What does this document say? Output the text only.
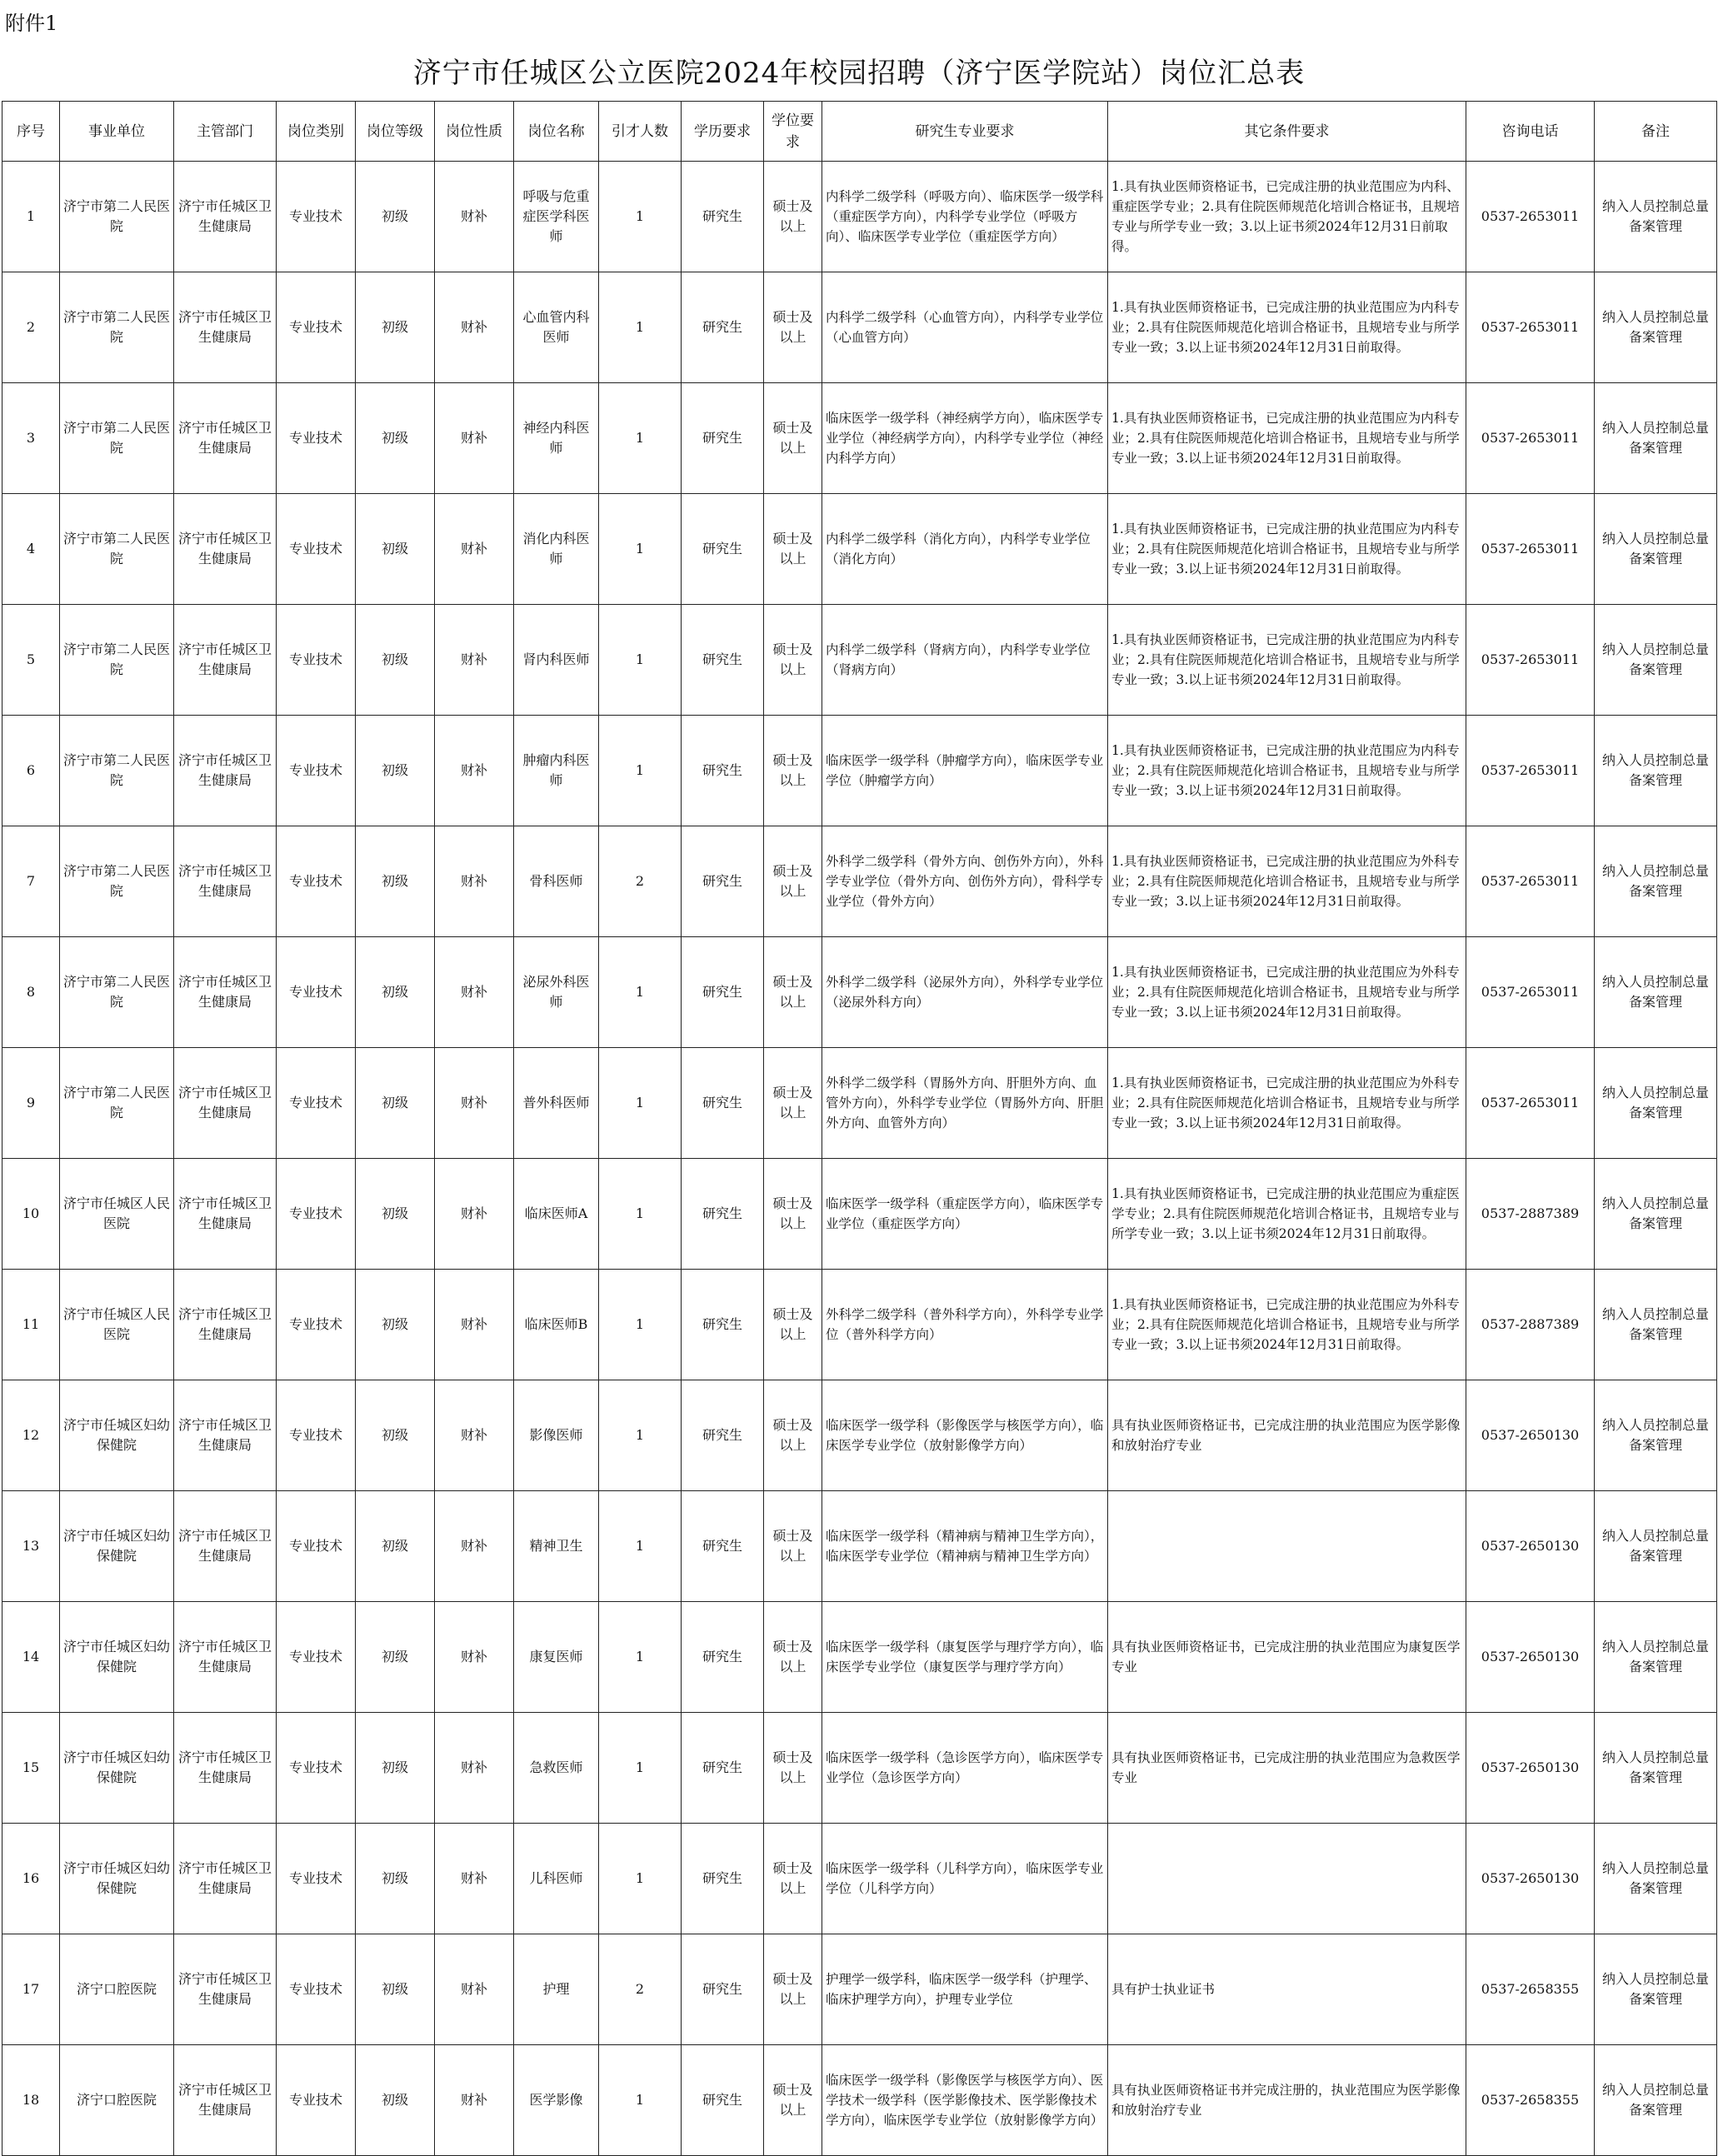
附件1
济宁市任城区公立医院2024年校园招聘（济宁医学院站）岗位汇总表
序号	事业单位	主管部门	岗位类别	岗位等级	岗位性质	岗位名称	引才人数	学历要求	学位要求	研究生专业要求	其它条件要求	咨询电话	备注
1	济宁市第二人民医院	济宁市任城区卫生健康局	专业技术	初级	财补	呼吸与危重症医学科医师	1	研究生	硕士及以上	内科学二级学科（呼吸方向）、临床医学一级学科（重症医学方向），内科学专业学位（呼吸方向）、临床医学专业学位（重症医学方向）	1.具有执业医师资格证书，已完成注册的执业范围应为内科、重症医学专业；2.具有住院医师规范化培训合格证书，且规培专业与所学专业一致；3.以上证书须2024年12月31日前取得。	0537-2653011	纳入人员控制总量备案管理
2	济宁市第二人民医院	济宁市任城区卫生健康局	专业技术	初级	财补	心血管内科医师	1	研究生	硕士及以上	内科学二级学科（心血管方向），内科学专业学位（心血管方向）	1.具有执业医师资格证书，已完成注册的执业范围应为内科专业；2.具有住院医师规范化培训合格证书，且规培专业与所学专业一致；3.以上证书须2024年12月31日前取得。	0537-2653011	纳入人员控制总量备案管理
3	济宁市第二人民医院	济宁市任城区卫生健康局	专业技术	初级	财补	神经内科医师	1	研究生	硕士及以上	临床医学一级学科（神经病学方向），临床医学专业学位（神经病学方向），内科学专业学位（神经内科学方向）	1.具有执业医师资格证书，已完成注册的执业范围应为内科专业；2.具有住院医师规范化培训合格证书，且规培专业与所学专业一致；3.以上证书须2024年12月31日前取得。	0537-2653011	纳入人员控制总量备案管理
4	济宁市第二人民医院	济宁市任城区卫生健康局	专业技术	初级	财补	消化内科医师	1	研究生	硕士及以上	内科学二级学科（消化方向），内科学专业学位（消化方向）	1.具有执业医师资格证书，已完成注册的执业范围应为内科专业；2.具有住院医师规范化培训合格证书，且规培专业与所学专业一致；3.以上证书须2024年12月31日前取得。	0537-2653011	纳入人员控制总量备案管理
5	济宁市第二人民医院	济宁市任城区卫生健康局	专业技术	初级	财补	肾内科医师	1	研究生	硕士及以上	内科学二级学科（肾病方向），内科学专业学位（肾病方向）	1.具有执业医师资格证书，已完成注册的执业范围应为内科专业；2.具有住院医师规范化培训合格证书，且规培专业与所学专业一致；3.以上证书须2024年12月31日前取得。	0537-2653011	纳入人员控制总量备案管理
6	济宁市第二人民医院	济宁市任城区卫生健康局	专业技术	初级	财补	肿瘤内科医师	1	研究生	硕士及以上	临床医学一级学科（肿瘤学方向），临床医学专业学位（肿瘤学方向）	1.具有执业医师资格证书，已完成注册的执业范围应为内科专业；2.具有住院医师规范化培训合格证书，且规培专业与所学专业一致；3.以上证书须2024年12月31日前取得。	0537-2653011	纳入人员控制总量备案管理
7	济宁市第二人民医院	济宁市任城区卫生健康局	专业技术	初级	财补	骨科医师	2	研究生	硕士及以上	外科学二级学科（骨外方向、创伤外方向），外科学专业学位（骨外方向、创伤外方向），骨科学专业学位（骨外方向）	1.具有执业医师资格证书，已完成注册的执业范围应为外科专业；2.具有住院医师规范化培训合格证书，且规培专业与所学专业一致；3.以上证书须2024年12月31日前取得。	0537-2653011	纳入人员控制总量备案管理
8	济宁市第二人民医院	济宁市任城区卫生健康局	专业技术	初级	财补	泌尿外科医师	1	研究生	硕士及以上	外科学二级学科（泌尿外方向），外科学专业学位（泌尿外科方向）	1.具有执业医师资格证书，已完成注册的执业范围应为外科专业；2.具有住院医师规范化培训合格证书，且规培专业与所学专业一致；3.以上证书须2024年12月31日前取得。	0537-2653011	纳入人员控制总量备案管理
9	济宁市第二人民医院	济宁市任城区卫生健康局	专业技术	初级	财补	普外科医师	1	研究生	硕士及以上	外科学二级学科（胃肠外方向、肝胆外方向、血管外方向），外科学专业学位（胃肠外方向、肝胆外方向、血管外方向）	1.具有执业医师资格证书，已完成注册的执业范围应为外科专业；2.具有住院医师规范化培训合格证书，且规培专业与所学专业一致；3.以上证书须2024年12月31日前取得。	0537-2653011	纳入人员控制总量备案管理
10	济宁市任城区人民医院	济宁市任城区卫生健康局	专业技术	初级	财补	临床医师A	1	研究生	硕士及以上	临床医学一级学科（重症医学方向），临床医学专业学位（重症医学方向）	1.具有执业医师资格证书，已完成注册的执业范围应为重症医学专业；2.具有住院医师规范化培训合格证书，且规培专业与所学专业一致；3.以上证书须2024年12月31日前取得。	0537-2887389	纳入人员控制总量备案管理
11	济宁市任城区人民医院	济宁市任城区卫生健康局	专业技术	初级	财补	临床医师B	1	研究生	硕士及以上	外科学二级学科（普外科学方向），外科学专业学位（普外科学方向）	1.具有执业医师资格证书，已完成注册的执业范围应为外科专业；2.具有住院医师规范化培训合格证书，且规培专业与所学专业一致；3.以上证书须2024年12月31日前取得。	0537-2887389	纳入人员控制总量备案管理
12	济宁市任城区妇幼保健院	济宁市任城区卫生健康局	专业技术	初级	财补	影像医师	1	研究生	硕士及以上	临床医学一级学科（影像医学与核医学方向），临床医学专业学位（放射影像学方向）	具有执业医师资格证书，已完成注册的执业范围应为医学影像和放射治疗专业	0537-2650130	纳入人员控制总量备案管理
13	济宁市任城区妇幼保健院	济宁市任城区卫生健康局	专业技术	初级	财补	精神卫生	1	研究生	硕士及以上	临床医学一级学科（精神病与精神卫生学方向），临床医学专业学位（精神病与精神卫生学方向）		0537-2650130	纳入人员控制总量备案管理
14	济宁市任城区妇幼保健院	济宁市任城区卫生健康局	专业技术	初级	财补	康复医师	1	研究生	硕士及以上	临床医学一级学科（康复医学与理疗学方向），临床医学专业学位（康复医学与理疗学方向）	具有执业医师资格证书，已完成注册的执业范围应为康复医学专业	0537-2650130	纳入人员控制总量备案管理
15	济宁市任城区妇幼保健院	济宁市任城区卫生健康局	专业技术	初级	财补	急救医师	1	研究生	硕士及以上	临床医学一级学科（急诊医学方向），临床医学专业学位（急诊医学方向）	具有执业医师资格证书，已完成注册的执业范围应为急救医学专业	0537-2650130	纳入人员控制总量备案管理
16	济宁市任城区妇幼保健院	济宁市任城区卫生健康局	专业技术	初级	财补	儿科医师	1	研究生	硕士及以上	临床医学一级学科（儿科学方向），临床医学专业学位（儿科学方向）		0537-2650130	纳入人员控制总量备案管理
17	济宁口腔医院	济宁市任城区卫生健康局	专业技术	初级	财补	护理	2	研究生	硕士及以上	护理学一级学科，临床医学一级学科（护理学、临床护理学方向），护理专业学位	具有护士执业证书	0537-2658355	纳入人员控制总量备案管理
18	济宁口腔医院	济宁市任城区卫生健康局	专业技术	初级	财补	医学影像	1	研究生	硕士及以上	临床医学一级学科（影像医学与核医学方向）、医学技术一级学科（医学影像技术、医学影像技术学方向），临床医学专业学位（放射影像学方向）	具有执业医师资格证书并完成注册的，执业范围应为医学影像和放射治疗专业	0537-2658355	纳入人员控制总量备案管理
